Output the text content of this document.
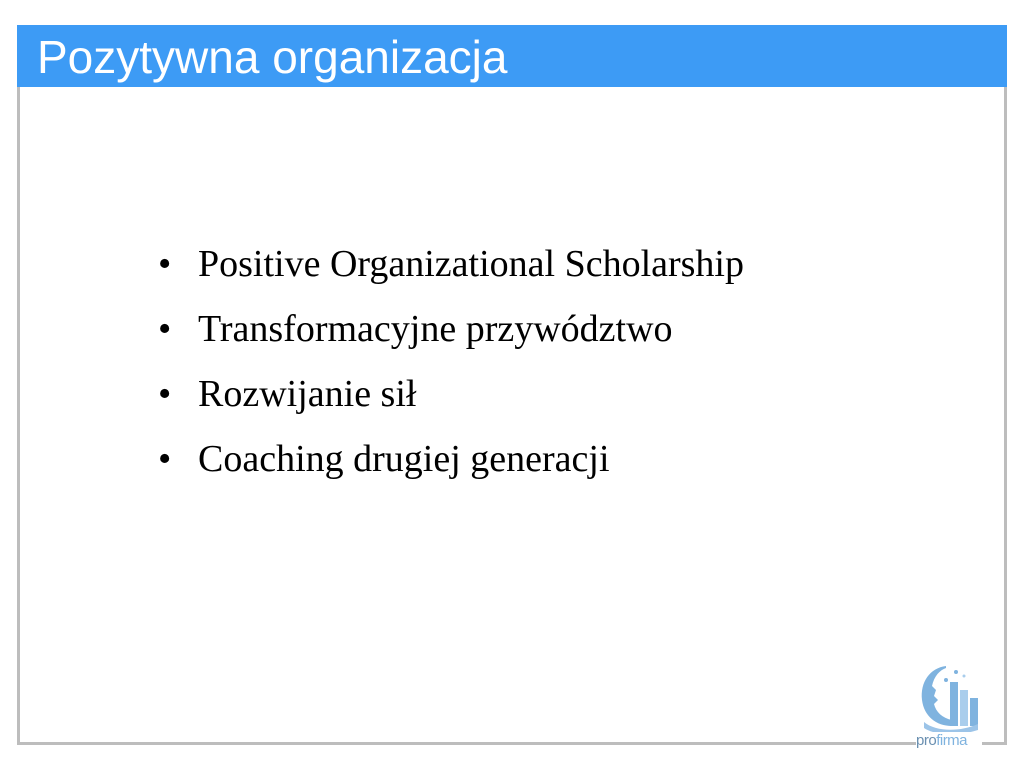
Pozytywna organizacja
• Positive Organizational Scholarship
• Transformacyjne przywództwo
• Rozwijanie sił
• Coaching drugiej generacji
profirma
